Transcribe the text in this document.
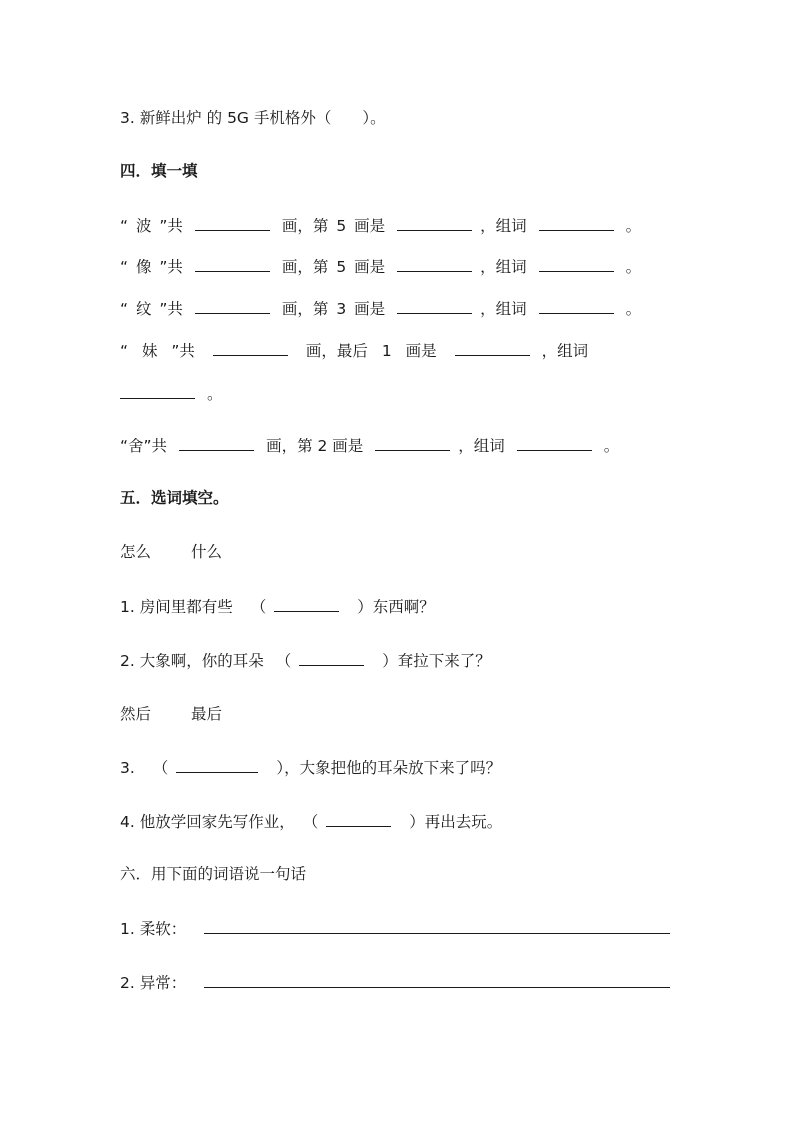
3. 新鲜出炉 的 5G 手机格外（　　）。
四．填一填
“ 波 ”共	画，第 5 画是	，组词	。
“ 像 ”共	画，第 5 画是	，组词	。
“ 纹 ”共	画，第 3 画是	，组词	。
“ 妹 ”共	画，最后 1 画是	，组词
。
“舍”共	画，第 2 画是	，组词	。
五．选词填空。
怎么	什么
1. 房间里都有些 （	）东西啊？
2. 大象啊，你的耳朵 （	）耷拉下来了？
然后	最后
3. （	），大象把他的耳朵放下来了吗？
4. 他放学回家先写作业， （	）再出去玩。
六．用下面的词语说一句话
1. 柔软：
2. 异常：
